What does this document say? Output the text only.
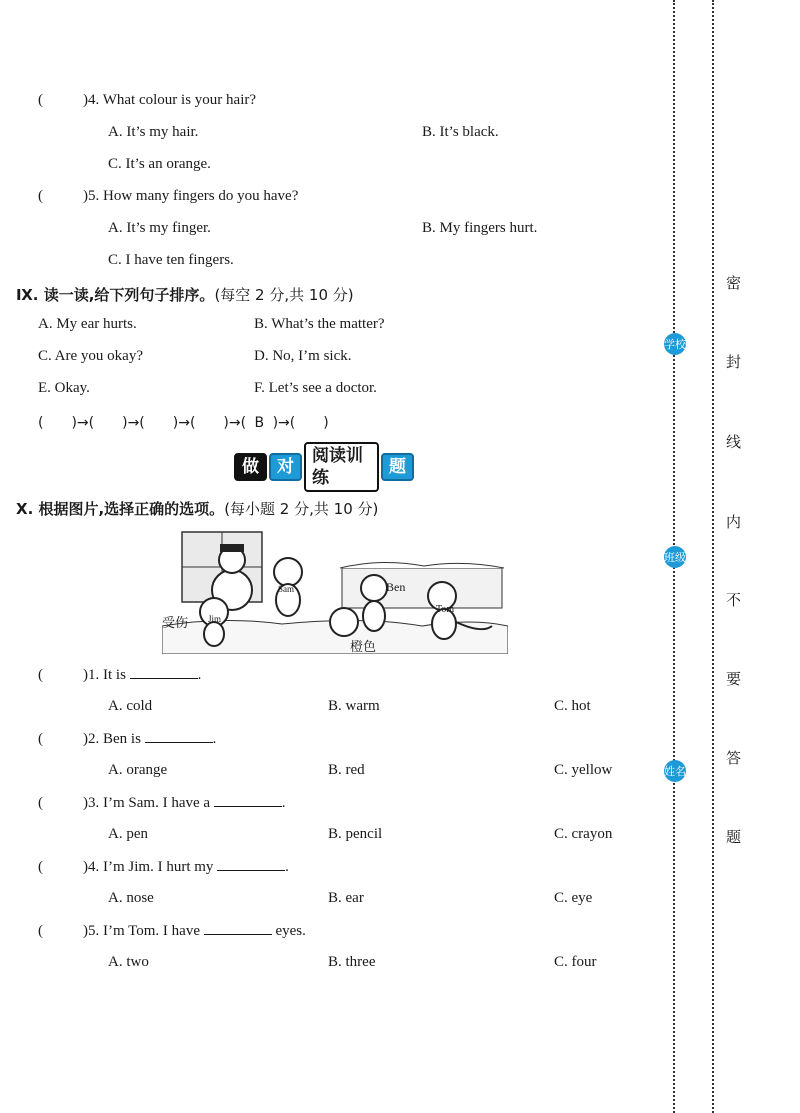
(	)4. What colour is your hair?
A. It’s my hair.	B. It’s black.
C. It’s an orange.
(	)5. How many fingers do you have?
A. It’s my finger.	B. My fingers hurt.
C. I have ten fingers.
Ⅸ. 读一读,给下列句子排序。(每空 2 分,共 10 分)
A. My ear hurts.	B. What’s the matter?
C. Are you okay?	D. No, I’m sick.
E. Okay.	F. Let’s see a doctor.
(　　)→(　　)→(　　)→(　　)→( B )→(　　)
做	对
阅读训练
题
Ⅹ. 根据图片,选择正确的选项。(每小题 2 分,共 10 分)
受伤
橙色
Sam	Ben
Tom
Jim
(	)1. It is	.
A. cold	B. warm	C. hot
(	)2. Ben is	.
A. orange	B. red	C. yellow
(	)3. I’m Sam. I have a	.
A. pen	B. pencil	C. crayon
(	)4. I’m Jim. I hurt my	.
A. nose	B. ear	C. eye
(	)5. I’m Tom. I have	eyes.
A. two	B. three	C. four
学校
班级
姓名
密
封
线
内
不
要
答
题
